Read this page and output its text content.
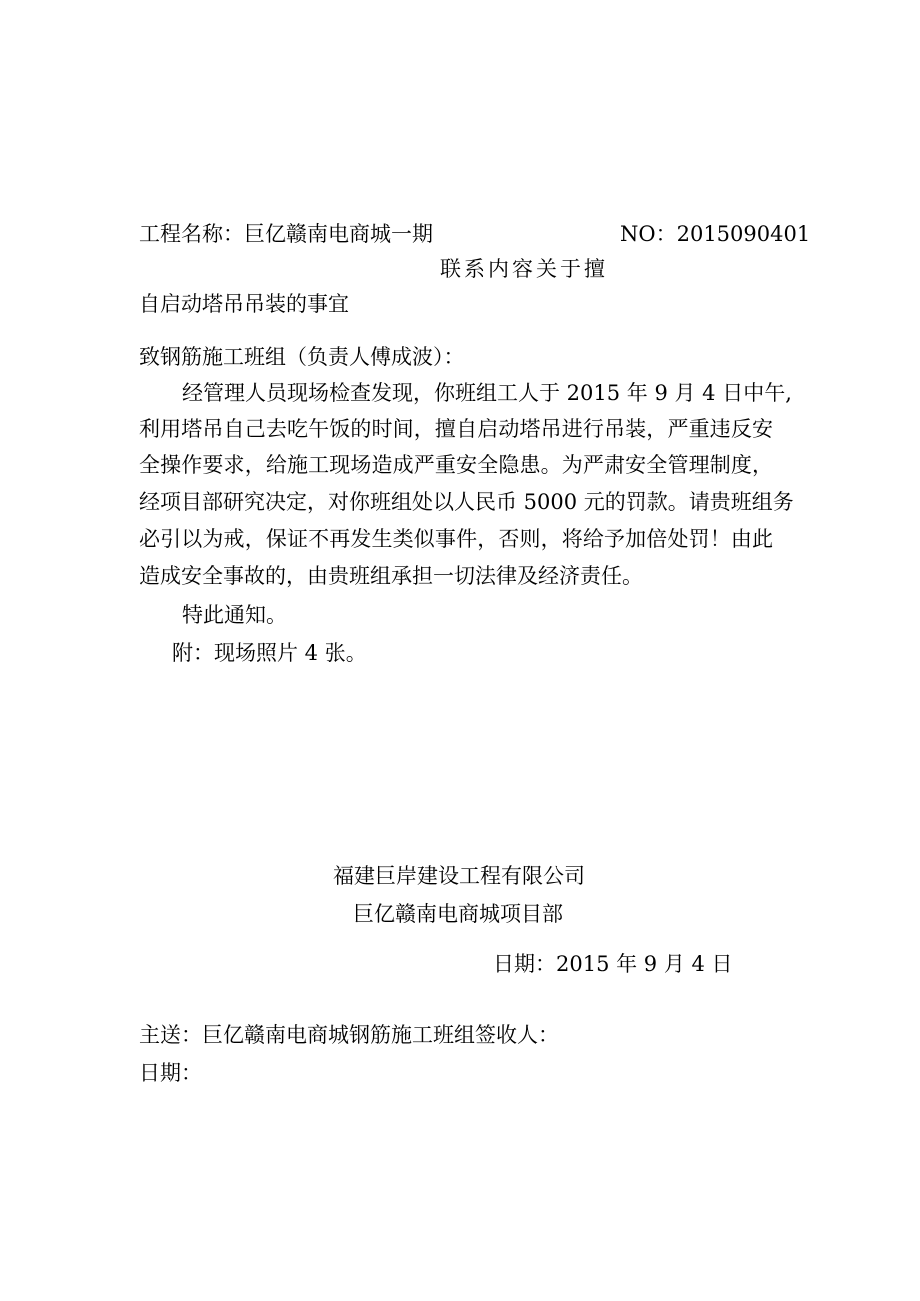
工程名称：巨亿赣南电商城一期	NO：2015090401
联系内容关于擅
自启动塔吊吊装的事宜
致钢筋施工班组（负责人傅成波）：
经管理人员现场检查发现，你班组工人于 2015 年 9 月 4 日中午,
利用塔吊自己去吃午饭的时间，擅自启动塔吊进行吊装，严重违反安
全操作要求，给施工现场造成严重安全隐患。为严肃安全管理制度，
经项目部研究决定，对你班组处以人民币 5000 元的罚款。请贵班组务
必引以为戒，保证不再发生类似事件，否则，将给予加倍处罚！由此
造成安全事故的，由贵班组承担一切法律及经济责任。
特此通知。
附：现场照片 4 张。
福建巨岸建设工程有限公司
巨亿赣南电商城项目部
日期：2015 年 9 月 4 日
主送：巨亿赣南电商城钢筋施工班组签收人：
日期：
